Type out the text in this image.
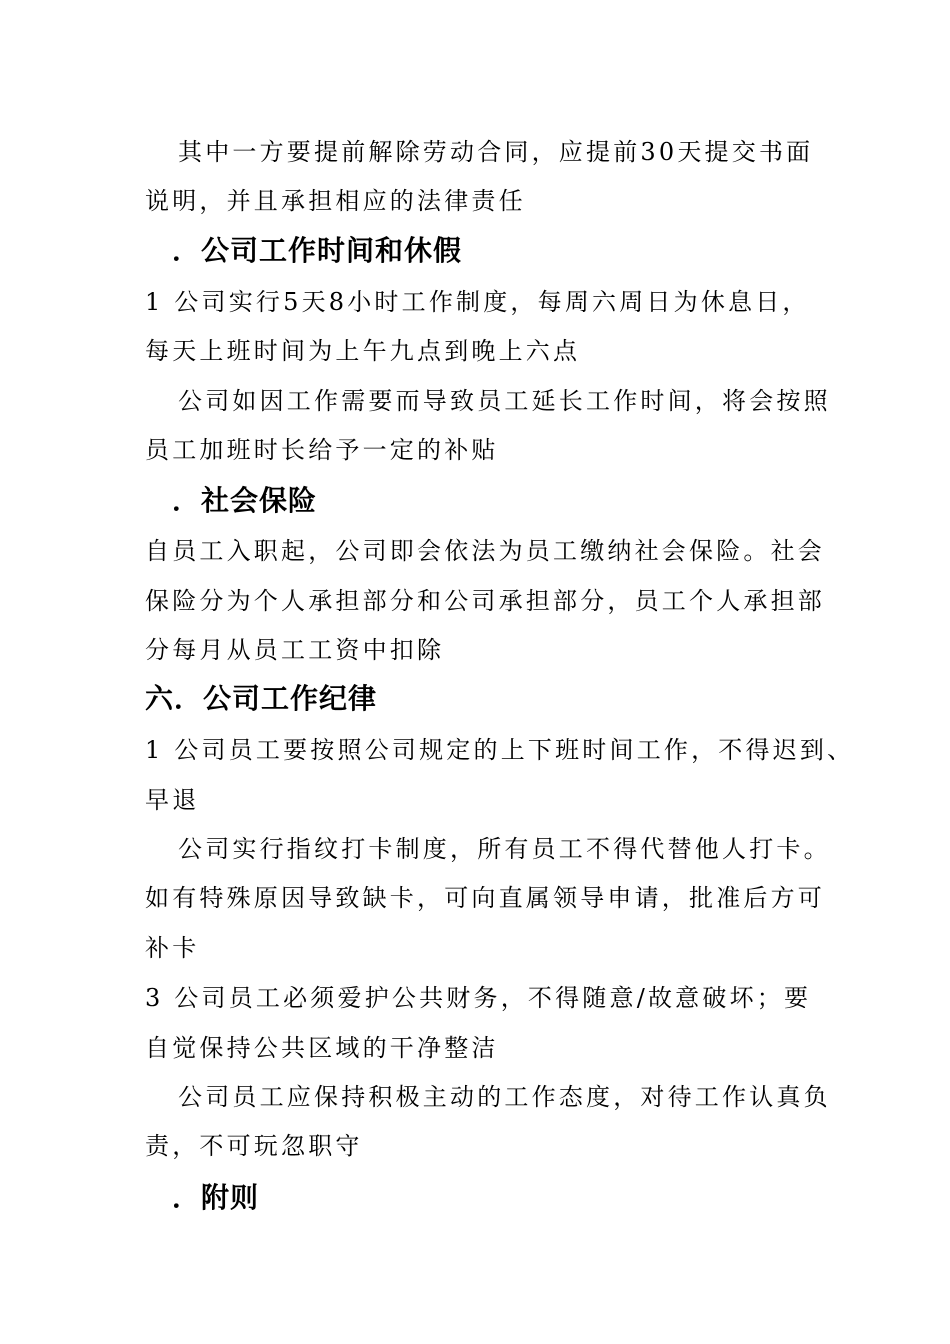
其中一方要提前解除劳动合同，应提前30天提交书面
说明，并且承担相应的法律责任
．公司工作时间和休假
1 公司实行5天8小时工作制度，每周六周日为休息日，
每天上班时间为上午九点到晚上六点
公司如因工作需要而导致员工延长工作时间，将会按照
员工加班时长给予一定的补贴
．社会保险
自员工入职起，公司即会依法为员工缴纳社会保险。社会
保险分为个人承担部分和公司承担部分，员工个人承担部
分每月从员工工资中扣除
六．公司工作纪律
1 公司员工要按照公司规定的上下班时间工作，不得迟到、
早退
公司实行指纹打卡制度，所有员工不得代替他人打卡。
如有特殊原因导致缺卡，可向直属领导申请，批准后方可
补卡
3 公司员工必须爱护公共财务，不得随意/故意破坏；要
自觉保持公共区域的干净整洁
公司员工应保持积极主动的工作态度，对待工作认真负
责，不可玩忽职守
．附则
